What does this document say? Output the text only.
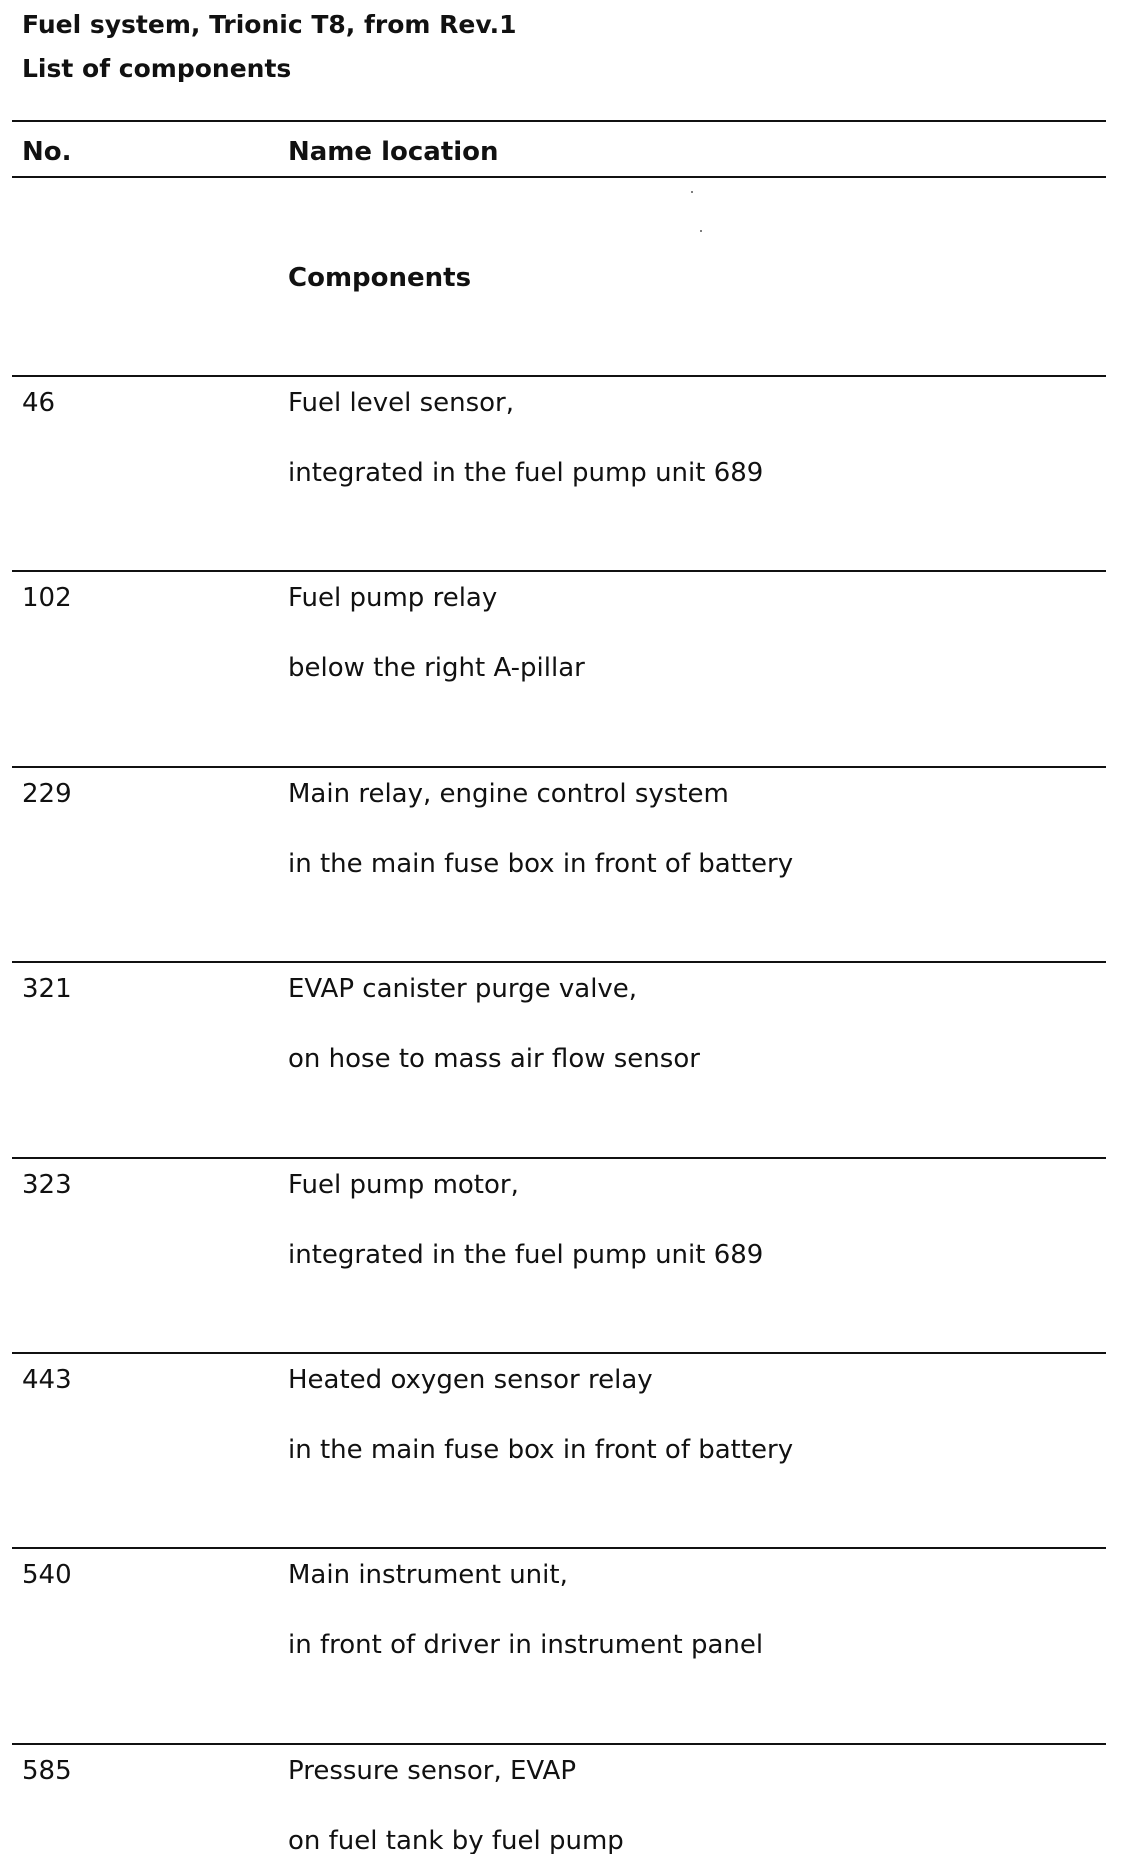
Fuel system, Trionic T8, from Rev.1
List of components
No.	Name location
Components
46	Fuel level sensor,
integrated in the fuel pump unit 689
102	Fuel pump relay
below the right A-pillar
229	Main relay, engine control system
in the main fuse box in front of battery
321	EVAP canister purge valve,
on hose to mass air flow sensor
323	Fuel pump motor,
integrated in the fuel pump unit 689
443	Heated oxygen sensor relay
in the main fuse box in front of battery
540	Main instrument unit,
in front of driver in instrument panel
585	Pressure sensor, EVAP
on fuel tank by fuel pump
